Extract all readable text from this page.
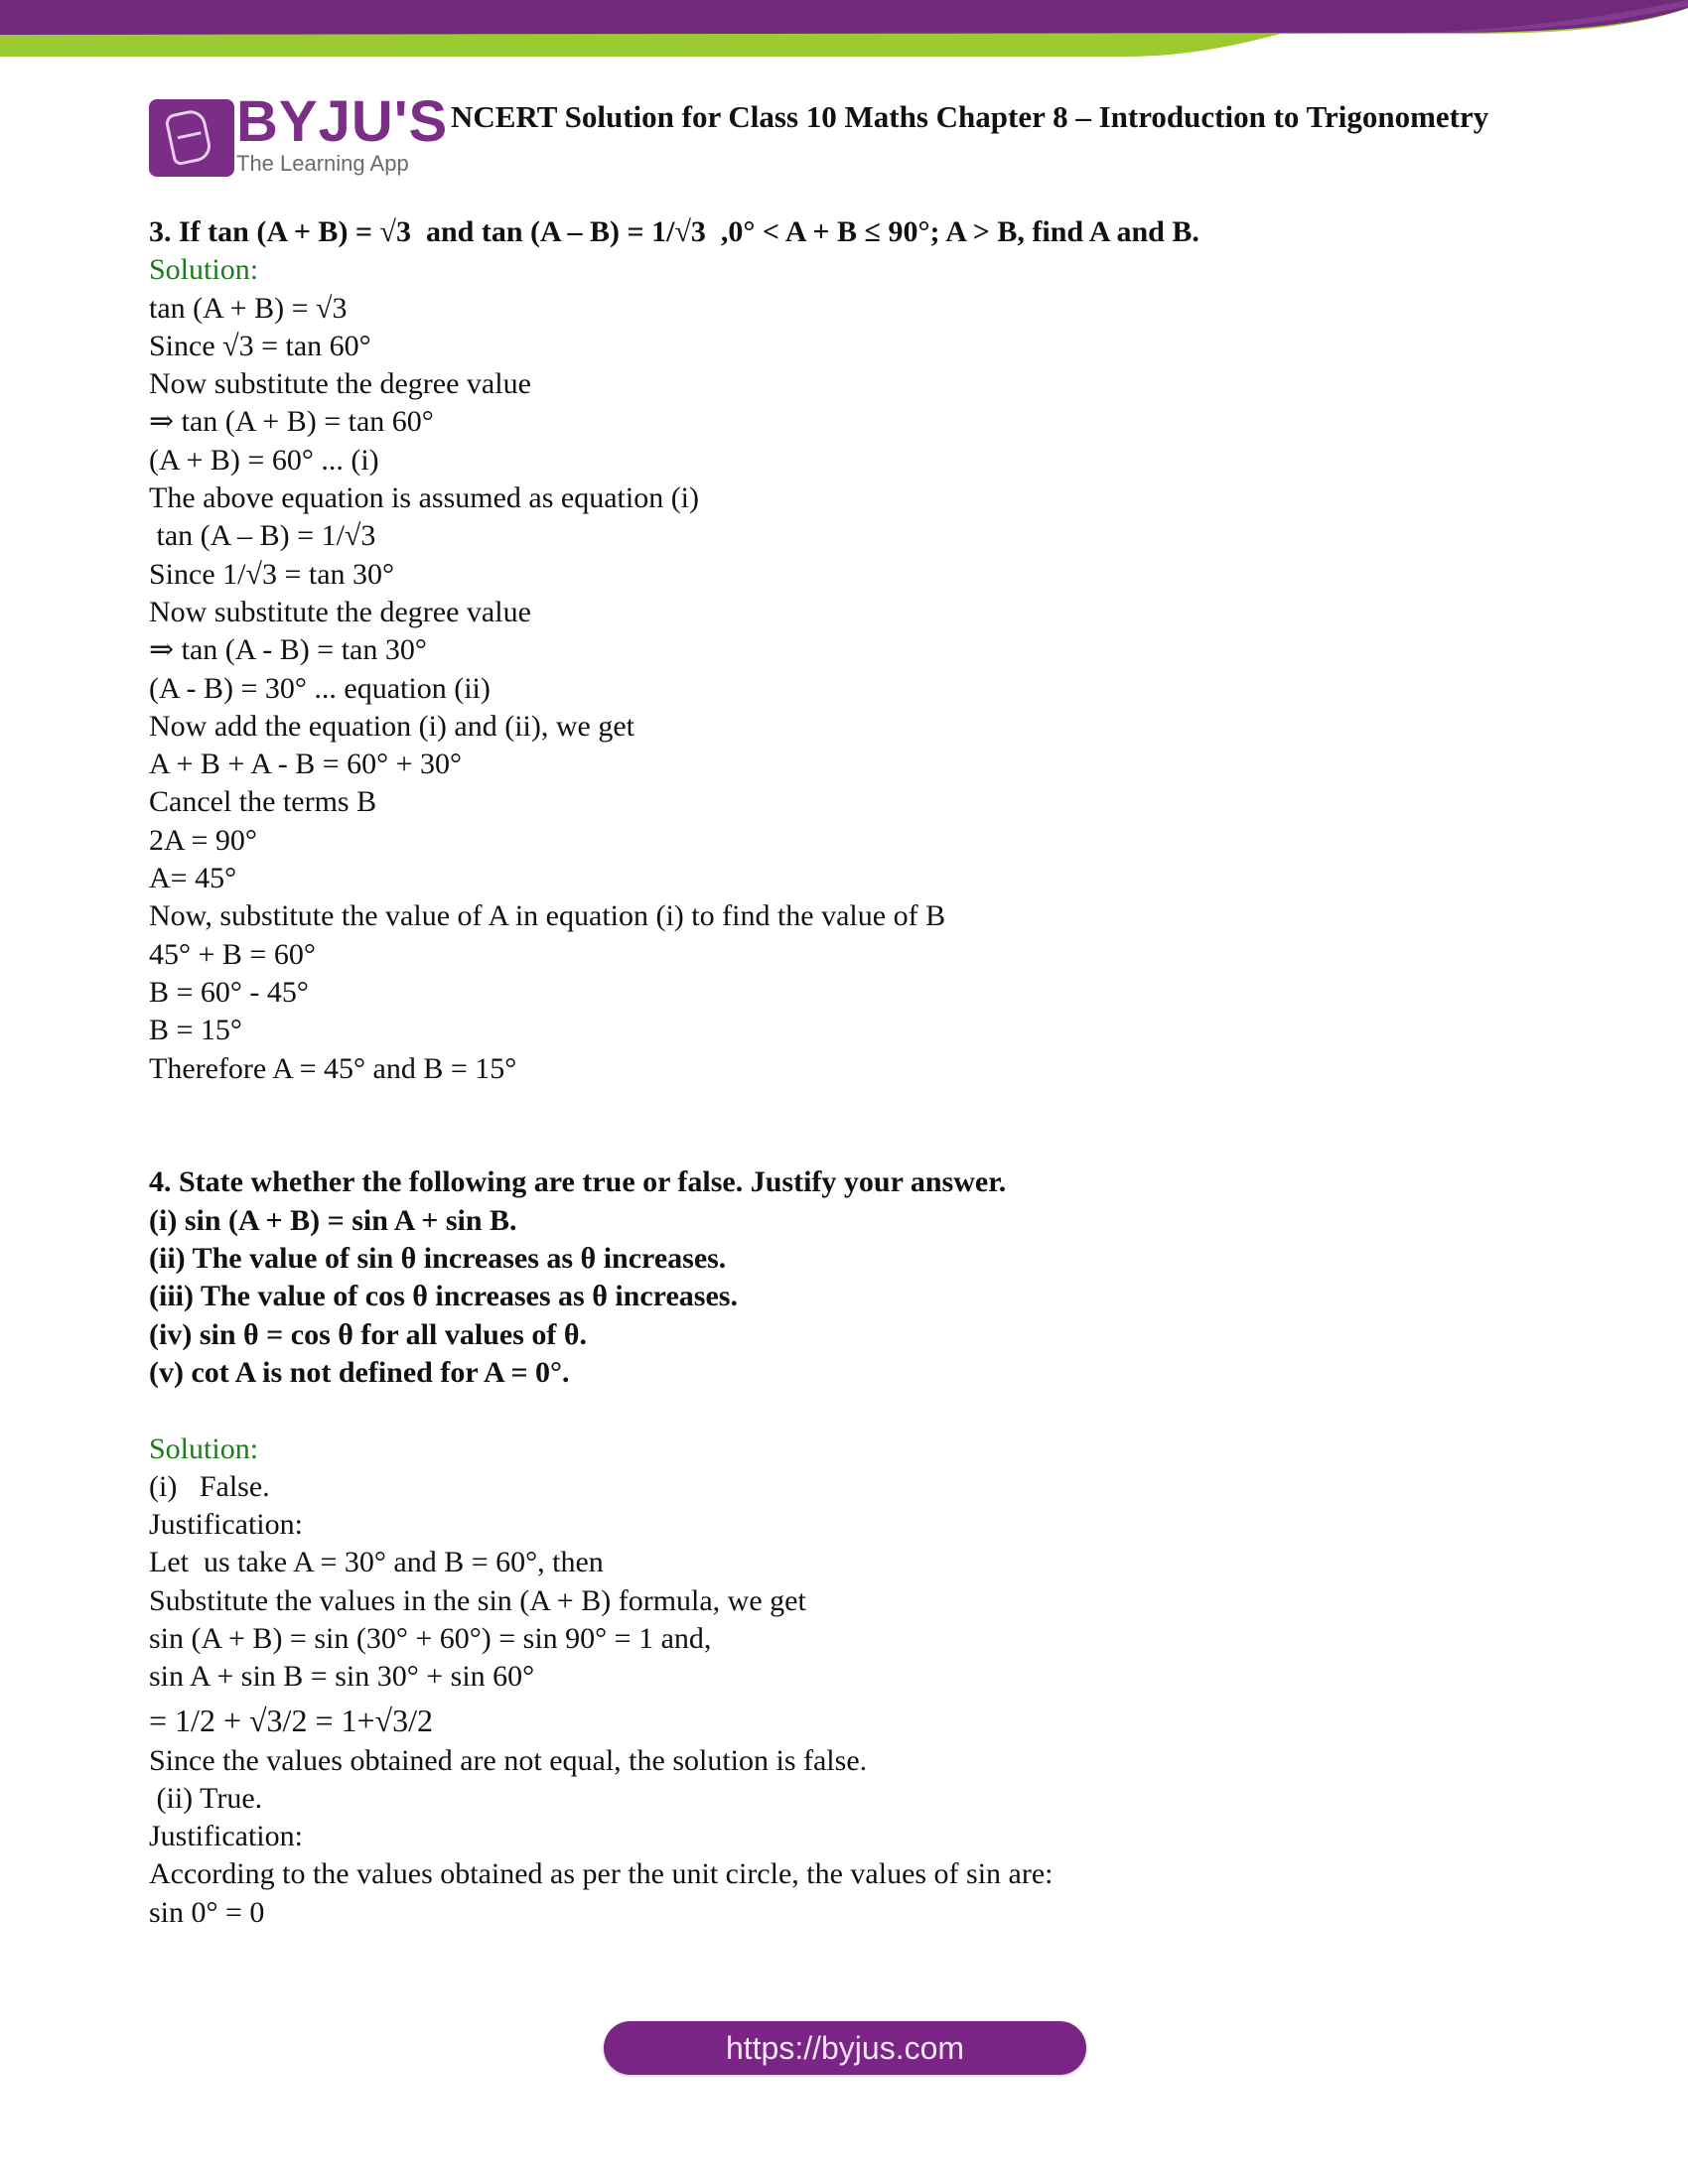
BYJU'S
The Learning App
NCERT Solution for Class 10 Maths Chapter 8 – Introduction to Trigonometry
3. If tan (A + B) = √3  and tan (A – B) = 1/√3  ,0° < A + B ≤ 90°; A > B, find A and B.
Solution:
tan (A + B) = √3
Since √3 = tan 60°
Now substitute the degree value
⇒ tan (A + B) = tan 60°
(A + B) = 60° ... (i)
The above equation is assumed as equation (i)
tan (A – B) = 1/√3
Since 1/√3 = tan 30°
Now substitute the degree value
⇒ tan (A - B) = tan 30°
(A - B) = 30° ... equation (ii)
Now add the equation (i) and (ii), we get
A + B + A - B = 60° + 30°
Cancel the terms B
2A = 90°
A= 45°
Now, substitute the value of A in equation (i) to find the value of B
45° + B = 60°
B = 60° - 45°
B = 15°
Therefore A = 45° and B = 15°
4. State whether the following are true or false. Justify your answer.
(i) sin (A + B) = sin A + sin B.
(ii) The value of sin θ increases as θ increases.
(iii) The value of cos θ increases as θ increases.
(iv) sin θ = cos θ for all values of θ.
(v) cot A is not defined for A = 0°.
Solution:
(i)   False.
Justification:
Let  us take A = 30° and B = 60°, then
Substitute the values in the sin (A + B) formula, we get
sin (A + B) = sin (30° + 60°) = sin 90° = 1 and,
sin A + sin B = sin 30° + sin 60°
= 1/2 + √3/2 = 1+√3/2
Since the values obtained are not equal, the solution is false.
(ii) True.
Justification:
According to the values obtained as per the unit circle, the values of sin are:
sin 0° = 0
https://byjus.com
